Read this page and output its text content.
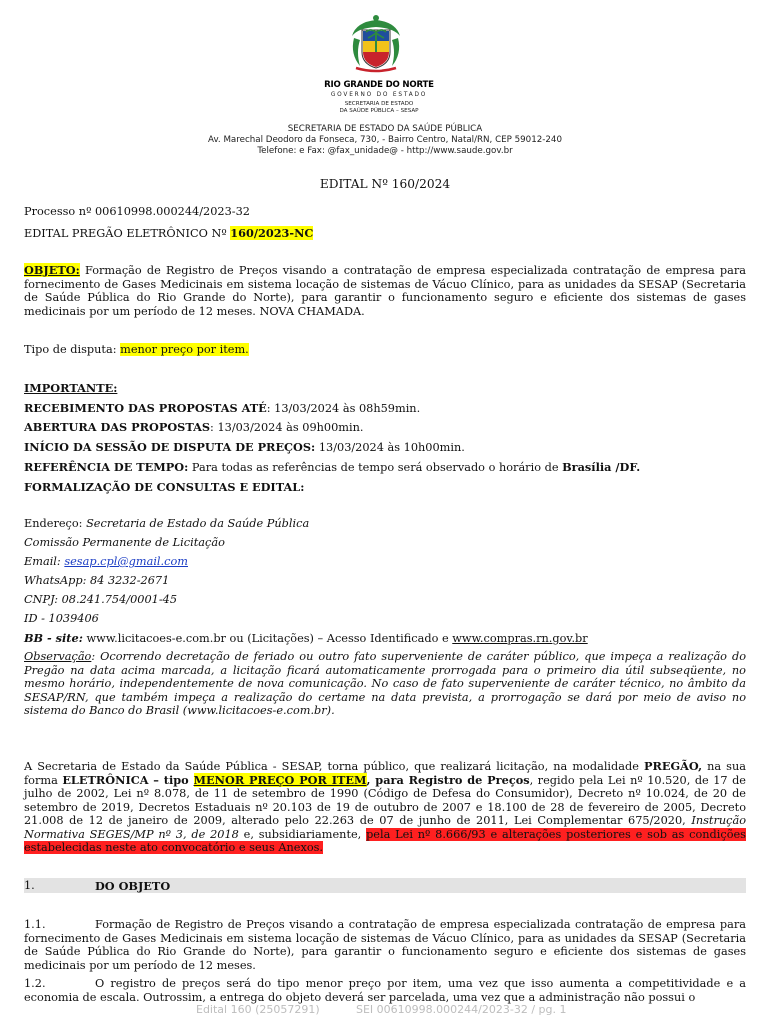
RIO GRANDE DO NORTE
GOVERNO DO ESTADO
SECRETARIA DE ESTADO
DA SAÚDE PÚBLICA – SESAP
SECRETARIA DE ESTADO DA SAÚDE PÚBLICA
Av. Marechal Deodoro da Fonseca, 730, - Bairro Centro, Natal/RN, CEP 59012-240
Telefone: e Fax: @fax_unidade@ - http://www.saude.gov.br
EDITAL Nº 160/2024
Processo nº 00610998.000244/2023-32
EDITAL PREGÃO ELETRÔNICO Nº 160/2023-NC
OBJETO: Formação de Registro de Preços visando a contratação de empresa especializada contratação de empresa para fornecimento de Gases Medicinais em sistema locação de sistemas de Vácuo Clínico, para as unidades da SESAP (Secretaria de Saúde Pública do Rio Grande do Norte), para garantir o funcionamento seguro e eficiente dos sistemas de gases medicinais por um período de 12 meses. NOVA CHAMADA.
Tipo de disputa: menor preço por item.
IMPORTANTE:
RECEBIMENTO DAS PROPOSTAS ATÉ: 13/03/2024 às 08h59min.
ABERTURA DAS PROPOSTAS: 13/03/2024 às 09h00min.
INÍCIO DA SESSÃO DE DISPUTA DE PREÇOS: 13/03/2024 às 10h00min.
REFERÊNCIA DE TEMPO: Para todas as referências de tempo será observado o horário de Brasília /DF.
FORMALIZAÇÃO DE CONSULTAS E EDITAL:
Endereço: Secretaria de Estado da Saúde Pública
Comissão Permanente de Licitação
Email: sesap.cpl@gmail.com
WhatsApp: 84 3232-2671
CNPJ: 08.241.754/0001-45
ID - 1039406
BB - site: www.licitacoes-e.com.br ou (Licitações) – Acesso Identificado e www.compras.rn.gov.br
Observação: Ocorrendo decretação de feriado ou outro fato superveniente de caráter público, que impeça a realização do Pregão na data acima marcada, a licitação ficará automaticamente prorrogada para o primeiro dia útil subseqüente, no mesmo horário, independentemente de nova comunicação. No caso de fato superveniente de caráter técnico, no âmbito da SESAP/RN, que também impeça a realização do certame na data prevista, a prorrogação se dará por meio de aviso no sistema do Banco do Brasil (www.licitacoes-e.com.br).
A Secretaria de Estado da Saúde Pública - SESAP, torna público, que realizará licitação, na modalidade PREGÃO, na sua forma ELETRÔNICA – tipo MENOR PREÇO POR ITEM, para Registro de Preços, regido pela Lei nº 10.520, de 17 de julho de 2002, Lei nº 8.078, de 11 de setembro de 1990 (Código de Defesa do Consumidor), Decreto nº 10.024, de 20 de setembro de 2019, Decretos Estaduais nº 20.103 de 19 de outubro de 2007 e 18.100 de 28 de fevereiro de 2005, Decreto 21.008 de 12 de janeiro de 2009, alterado pelo 22.263 de 07 de junho de 2011, Lei Complementar 675/2020, Instrução Normativa SEGES/MP nº 3, de 2018 e, subsidiariamente, pela Lei nº 8.666/93 e alterações posteriores e sob as condições estabelecidas neste ato convocatório e seus Anexos.
1.	DO OBJETO
1.1.	Formação de Registro de Preços visando a contratação de empresa especializada contratação de empresa para fornecimento de Gases Medicinais em sistema locação de sistemas de Vácuo Clínico, para as unidades da SESAP (Secretaria de Saúde Pública do Rio Grande do Norte), para garantir o funcionamento seguro e eficiente dos sistemas de gases medicinais por um período de 12 meses.
1.2.	O registro de preços será do tipo menor preço por item, uma vez que isso aumenta a competitividade e a economia de escala. Outrossim, a entrega do objeto deverá ser parcelada, uma vez que a administração não possui o
Edital 160 (25057291)	SEI 00610998.000244/2023-32 / pg. 1
